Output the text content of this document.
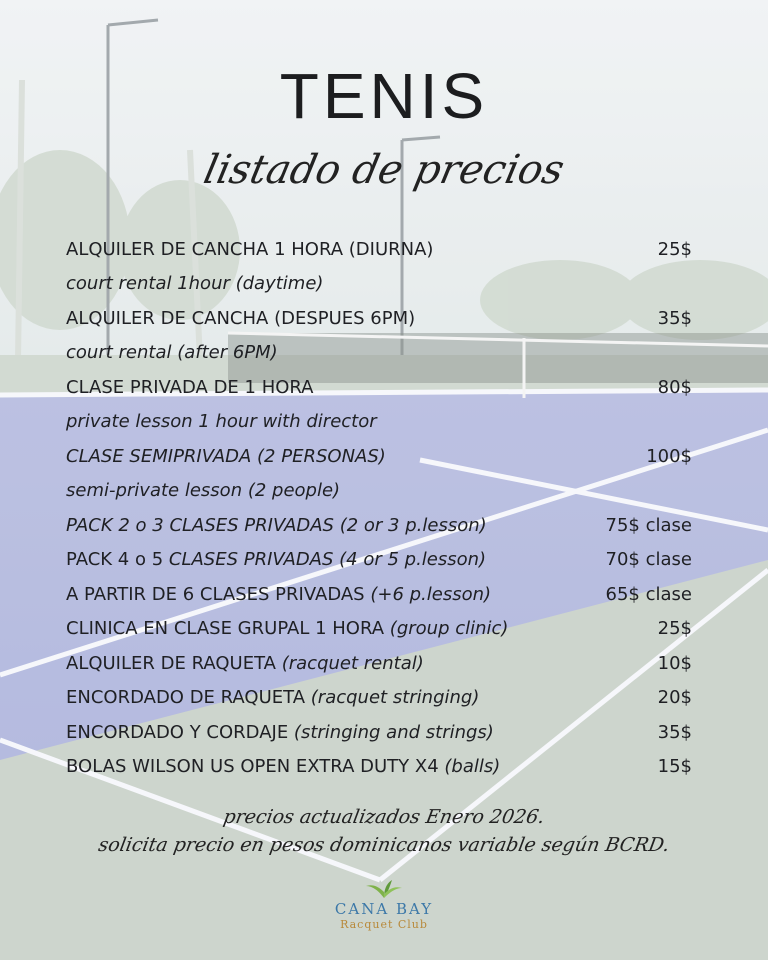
TENIS
listado de precios
ALQUILER DE CANCHA 1 HORA (DIURNA)	25$
court rental 1hour (daytime)
ALQUILER DE CANCHA (DESPUES 6PM)	35$
court rental (after 6PM)
CLASE PRIVADA DE 1 HORA	80$
private lesson 1 hour with director
CLASE SEMIPRIVADA (2 PERSONAS)	100$
semi-private lesson (2 people)
PACK 2 o 3 CLASES PRIVADAS (2 or 3 p.lesson)	75$ clase
PACK 4 o 5 CLASES PRIVADAS (4 or 5 p.lesson)	70$ clase
A PARTIR DE 6 CLASES PRIVADAS (+6 p.lesson)	65$ clase
CLINICA EN CLASE GRUPAL 1 HORA (group clinic)	25$
ALQUILER DE RAQUETA (racquet rental)	10$
ENCORDADO DE RAQUETA (racquet stringing)	20$
ENCORDADO Y CORDAJE (stringing and strings)	35$
BOLAS WILSON US OPEN EXTRA DUTY X4 (balls)	15$
precios actualizados Enero 2026.
solicita precio en pesos dominicanos variable según BCRD.
CANA BAY
Racquet Club
